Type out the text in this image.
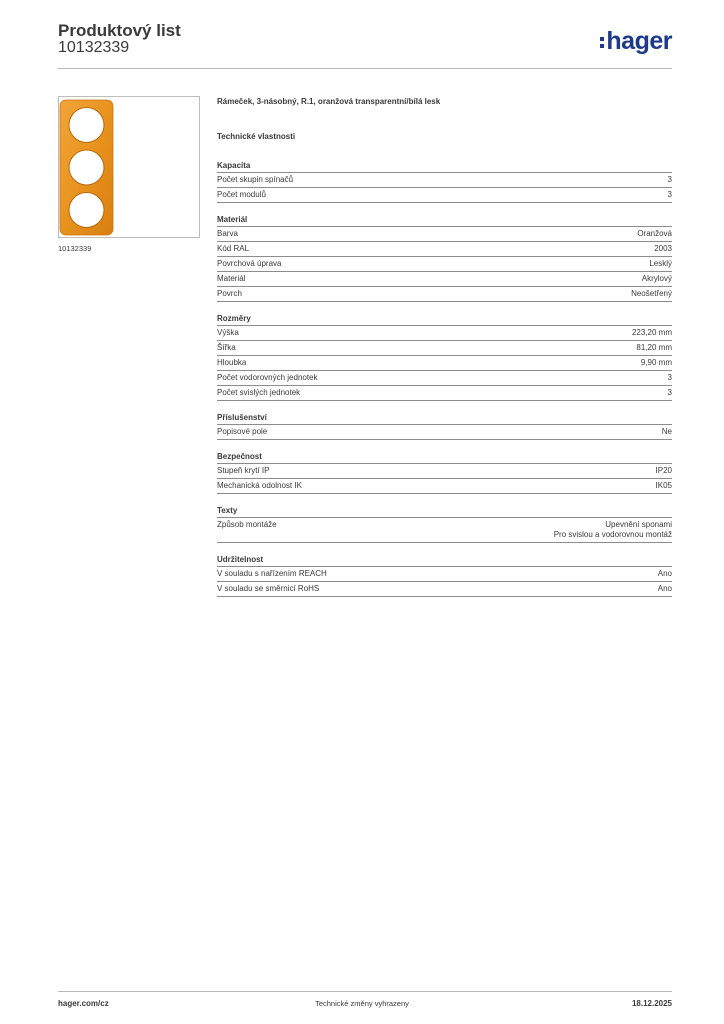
Produktový list
10132339	hager
10132339
Rámeček, 3-násobný, R.1, oranžová transparentní/bílá lesk
Technické vlastnosti
Kapacita
Počet skupin spínačů	3
Počet modulů	3
Materiál
Barva	Oranžová
Kód RAL	2003
Povrchová úprava	Lesklý
Materiál	Akrylový
Povrch	Neošetřený
Rozměry
Výška	223,20 mm
Šířka	81,20 mm
Hloubka	9,90 mm
Počet vodorovných jednotek	3
Počet svislých jednotek	3
Příslušenství
Popisové pole	Ne
Bezpečnost
Stupeň krytí IP	IP20
Mechanická odolnost IK	IK05
Texty
Způsob montáže	Upevnění sponami
Pro svislou a vodorovnou montáž
Udržitelnost
V souladu s nařízením REACH	Ano
V souladu se směrnicí RoHS	Ano
hager.com/cz	Technické změny vyhrazeny	18.12.2025
